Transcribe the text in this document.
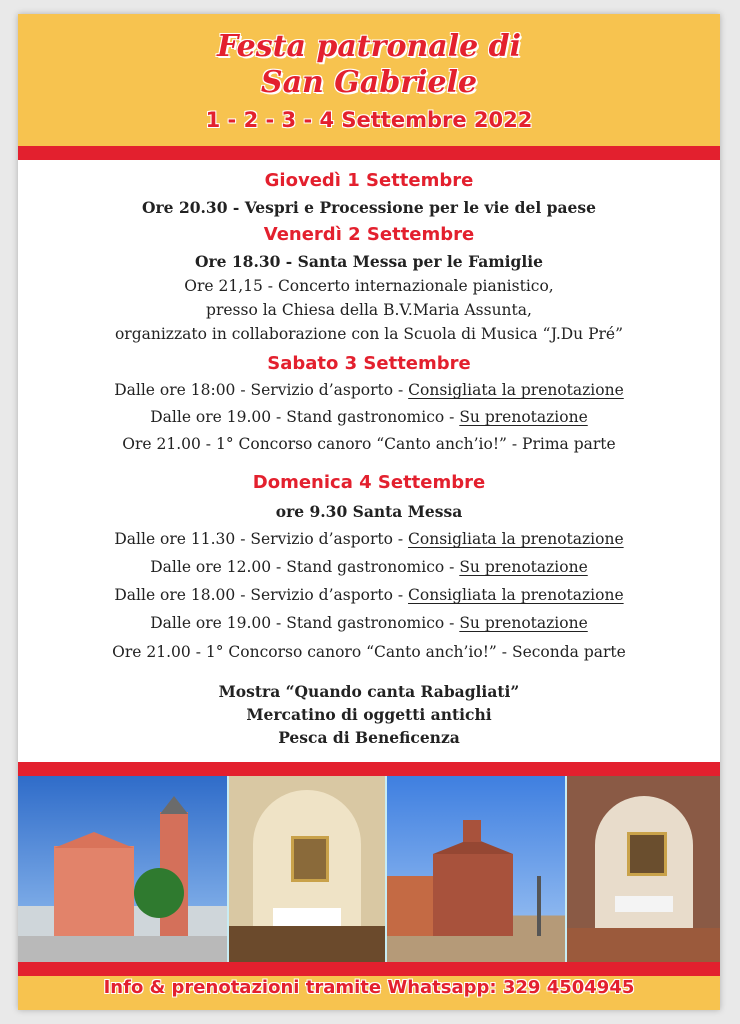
Festa patronale di
San Gabriele
1 - 2 - 3 - 4 Settembre 2022
Giovedì 1 Settembre
Ore 20.30 - Vespri e Processione per le vie del paese
Venerdì 2 Settembre
Ore 18.30 - Santa Messa per le Famiglie
Ore 21,15 - Concerto internazionale pianistico,
presso la Chiesa della B.V.Maria Assunta,
organizzato in collaborazione con la Scuola di Musica “J.Du Pré”
Sabato 3 Settembre
Dalle ore 18:00 - Servizio d’asporto - Consigliata la prenotazione
Dalle ore 19.00 - Stand gastronomico - Su prenotazione
Ore 21.00 - 1° Concorso canoro “Canto anch’io!” - Prima parte
Domenica 4 Settembre
ore 9.30 Santa Messa
Dalle ore 11.30 - Servizio d’asporto - Consigliata la prenotazione
Dalle ore 12.00 - Stand gastronomico - Su prenotazione
Dalle ore 18.00 - Servizio d’asporto - Consigliata la prenotazione
Dalle ore 19.00 - Stand gastronomico - Su prenotazione
Ore 21.00 - 1° Concorso canoro “Canto anch’io!” - Seconda parte
Mostra “Quando canta Rabagliati”
Mercatino di oggetti antichi
Pesca di Beneficenza
Info & prenotazioni tramite Whatsapp: 329 4504945
